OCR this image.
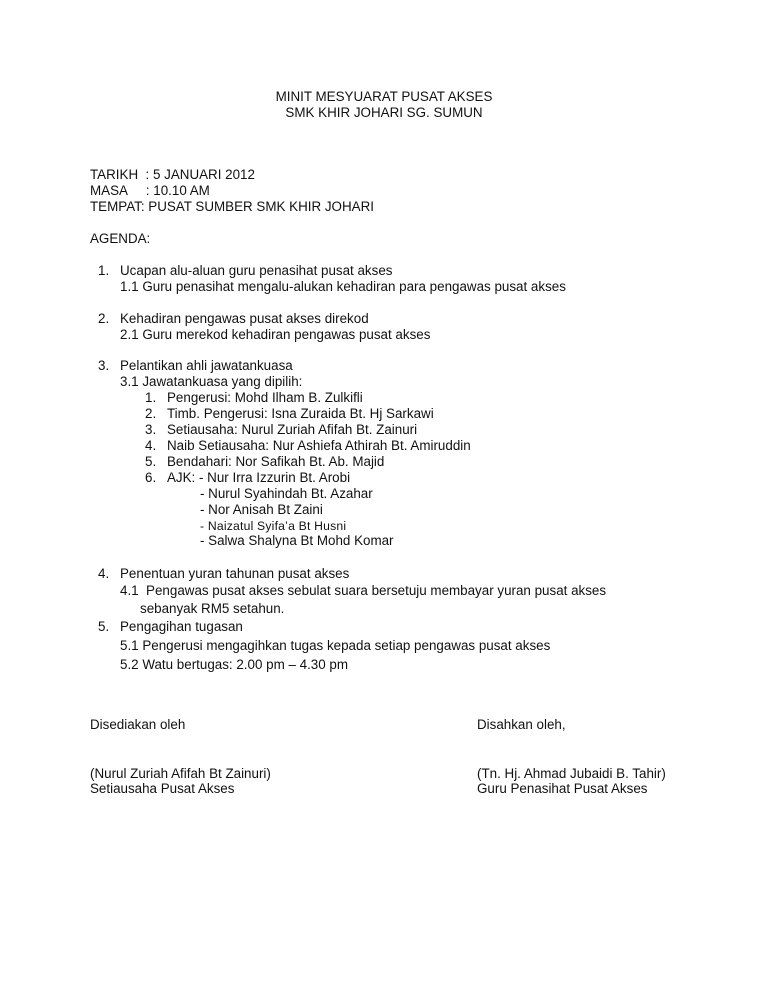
MINIT MESYUARAT PUSAT AKSES
SMK KHIR JOHARI SG. SUMUN
TARIKH  : 5 JANUARI 2012
MASA     : 10.10 AM
TEMPAT: PUSAT SUMBER SMK KHIR JOHARI
AGENDA:
1. Ucapan alu-aluan guru penasihat pusat akses
1.1 Guru penasihat mengalu-alukan kehadiran para pengawas pusat akses
2. Kehadiran pengawas pusat akses direkod
2.1 Guru merekod kehadiran pengawas pusat akses
3. Pelantikan ahli jawatankuasa
3.1 Jawatankuasa yang dipilih:
1. Pengerusi: Mohd Ilham B. Zulkifli
2. Timb. Pengerusi: Isna Zuraida Bt. Hj Sarkawi
3. Setiausaha: Nurul Zuriah Afifah Bt. Zainuri
4. Naib Setiausaha: Nur Ashiefa Athirah Bt. Amiruddin
5. Bendahari: Nor Safikah Bt. Ab. Majid
6. AJK: - Nur Irra Izzurin Bt. Arobi
- Nurul Syahindah Bt. Azahar
- Nor Anisah Bt Zaini
- Naizatul Syifa’a Bt Husni
- Salwa Shalyna Bt Mohd Komar
4. Penentuan yuran tahunan pusat akses
4.1  Pengawas pusat akses sebulat suara bersetuju membayar yuran pusat akses
sebanyak RM5 setahun.
5. Pengagihan tugasan
5.1 Pengerusi mengagihkan tugas kepada setiap pengawas pusat akses
5.2 Watu bertugas: 2.00 pm – 4.30 pm
Disediakan oleh	Disahkan oleh,
(Nurul Zuriah Afifah Bt Zainuri)
Setiausaha Pusat Akses
(Tn. Hj. Ahmad Jubaidi B. Tahir)
Guru Penasihat Pusat Akses
